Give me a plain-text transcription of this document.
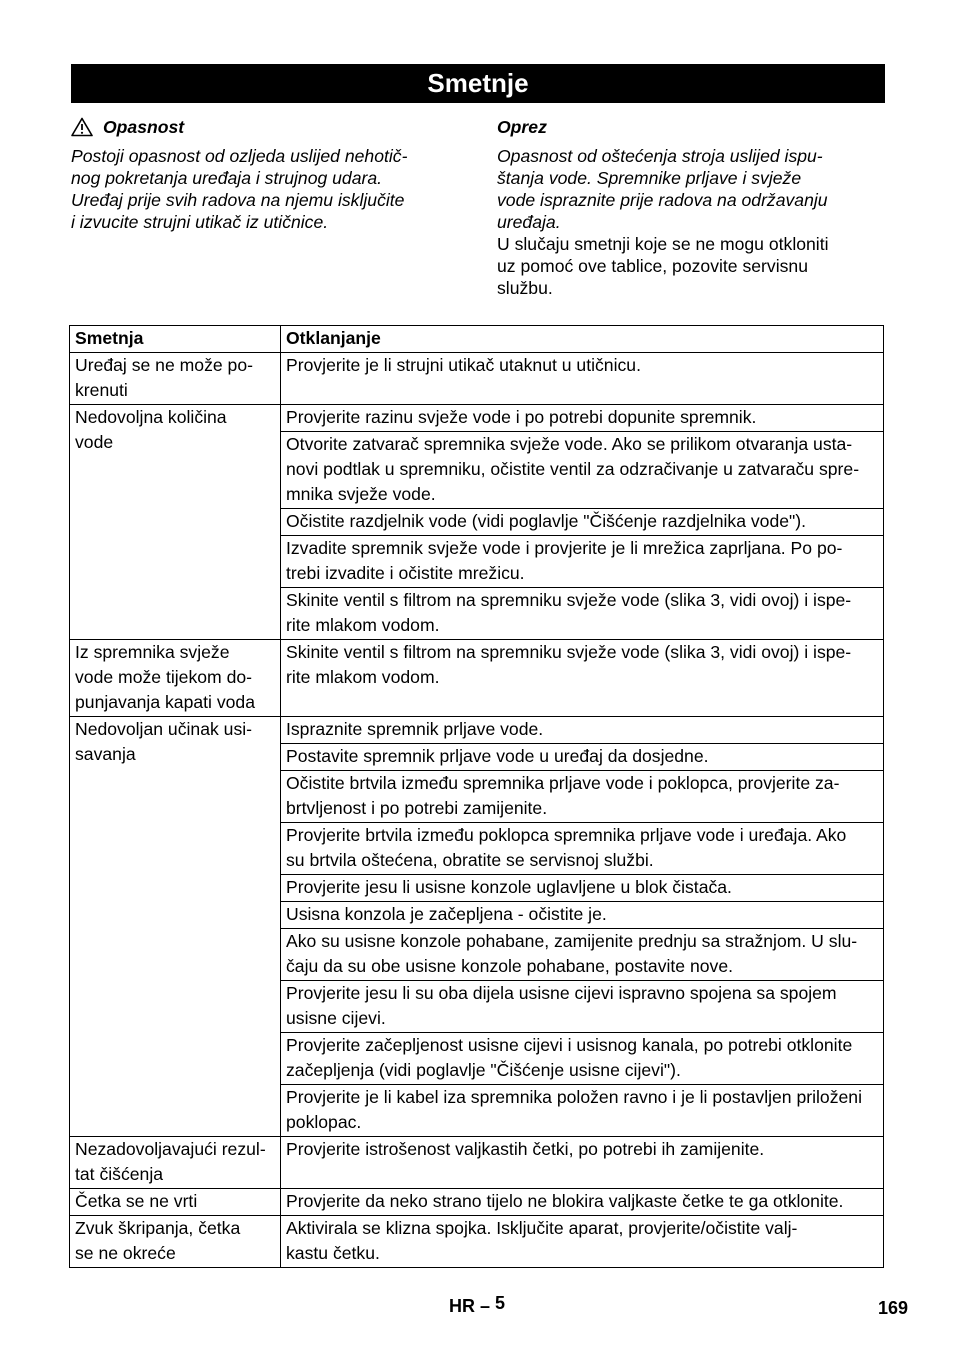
Smetnje
Opasnost

Postoji opasnost od ozljeda uslijed nehotič-

nog pokretanja uređaja i strujnog udara.

Uređaj prije svih radova na njemu isključite

i izvucite strujni utikač iz utičnice.

Oprez

Opasnost od oštećenja stroja uslijed ispu-

štanja vode. Spremnike prljave i svježe

vode ispraznite prije radova na održavanju

uređaja.

U slučaju smetnji koje se ne mogu otkloniti

uz pomoć ove tablice, pozovite servisnu

službu.

Smetnja	Otklanjanje
Uređaj se ne može po-
krenuti	Provjerite je li strujni utikač utaknut u utičnicu.
Nedovoljna količina
vode	Provjerite razinu svježe vode i po potrebi dopunite spremnik.
	Otvorite zatvarač spremnika svježe vode. Ako se prilikom otvaranja usta-
novi podtlak u spremniku, očistite ventil za odzračivanje u zatvaraču spre-
mnika svježe vode.
	Očistite razdjelnik vode (vidi poglavlje "Čišćenje razdjelnika vode").
	Izvadite spremnik svježe vode i provjerite je li mrežica zaprljana. Po po-
trebi izvadite i očistite mrežicu.
	Skinite ventil s filtrom na spremniku svježe vode (slika 3, vidi ovoj) i ispe-
rite mlakom vodom.
Iz spremnika svježe
vode može tijekom do-
punjavanja kapati voda	Skinite ventil s filtrom na spremniku svježe vode (slika 3, vidi ovoj) i ispe-
rite mlakom vodom.
Nedovoljan učinak usi-
savanja	Ispraznite spremnik prljave vode.
	Postavite spremnik prljave vode u uređaj da dosjedne.
	Očistite brtvila između spremnika prljave vode i poklopca, provjerite za-
brtvljenost i po potrebi zamijenite.
	Provjerite brtvila između poklopca spremnika prljave vode i uređaja. Ako
su brtvila oštećena, obratite se servisnoj službi.
	Provjerite jesu li usisne konzole uglavljene u blok čistača.
	Usisna konzola je začepljena - očistite je.
	Ako su usisne konzole pohabane, zamijenite prednju sa stražnjom. U slu-
čaju da su obe usisne konzole pohabane, postavite nove.
	Provjerite jesu li su oba dijela usisne cijevi ispravno spojena sa spojem
usisne cijevi.
	Provjerite začepljenost usisne cijevi i usisnog kanala, po potrebi otklonite
začepljenja (vidi poglavlje "Čišćenje usisne cijevi").
	Provjerite je li kabel iza spremnika položen ravno i je li postavljen priloženi
poklopac.
Nezadovoljavajući rezul-
tat čišćenja	Provjerite istrošenost valjkastih četki, po potrebi ih zamijenite.
Četka se ne vrti	Provjerite da neko strano tijelo ne blokira valjkaste četke te ga otklonite.
Zvuk škripanja, četka
se ne okreće	Aktivirala se klizna spojka. Isključite aparat, provjerite/očistite valj-
kastu četku.
HR – 5	169
